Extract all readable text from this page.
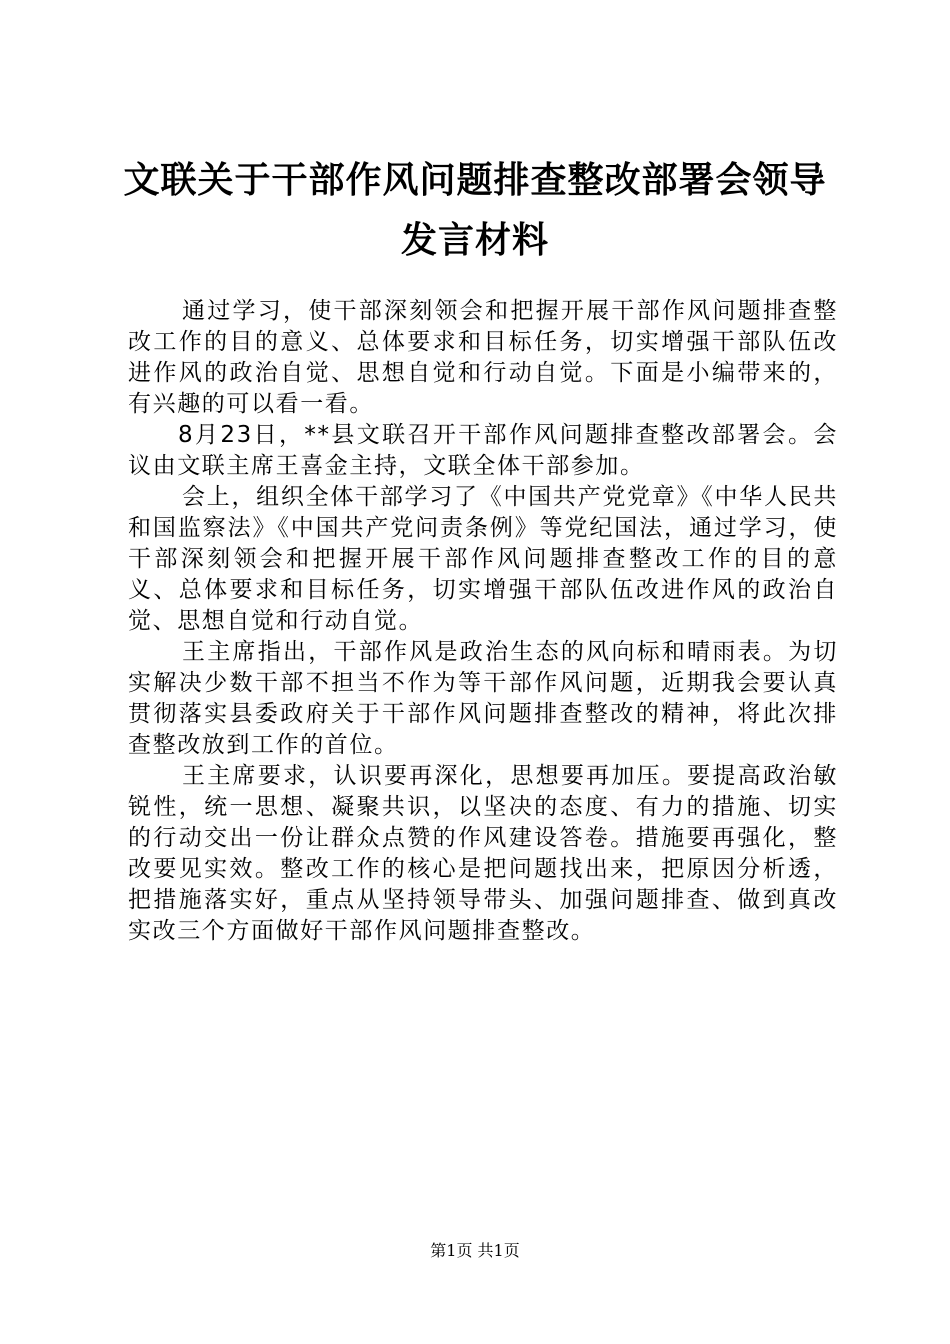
文联关于干部作风问题排查整改部署会领导发言材料

通过学习，使干部深刻领会和把握开展干部作风问题排查整改工作的目的意义、总体要求和目标任务，切实增强干部队伍改进作风的政治自觉、思想自觉和行动自觉。下面是小编带来的，有兴趣的可以看一看。

8月23日，**县文联召开干部作风问题排查整改部署会。会议由文联主席王喜金主持，文联全体干部参加。

会上，组织全体干部学习了《中国共产党党章》《中华人民共和国监察法》《中国共产党问责条例》等党纪国法，通过学习，使干部深刻领会和把握开展干部作风问题排查整改工作的目的意义、总体要求和目标任务，切实增强干部队伍改进作风的政治自觉、思想自觉和行动自觉。

王主席指出，干部作风是政治生态的风向标和晴雨表。为切实解决少数干部不担当不作为等干部作风问题，近期我会要认真贯彻落实县委政府关于干部作风问题排查整改的精神，将此次排查整改放到工作的首位。

王主席要求，认识要再深化，思想要再加压。要提高政治敏锐性，统一思想、凝聚共识，以坚决的态度、有力的措施、切实的行动交出一份让群众点赞的作风建设答卷。措施要再强化，整改要见实效。整改工作的核心是把问题找出来，把原因分析透，把措施落实好，重点从坚持领导带头、加强问题排查、做到真改实改三个方面做好干部作风问题排查整改。

第1页 共1页
